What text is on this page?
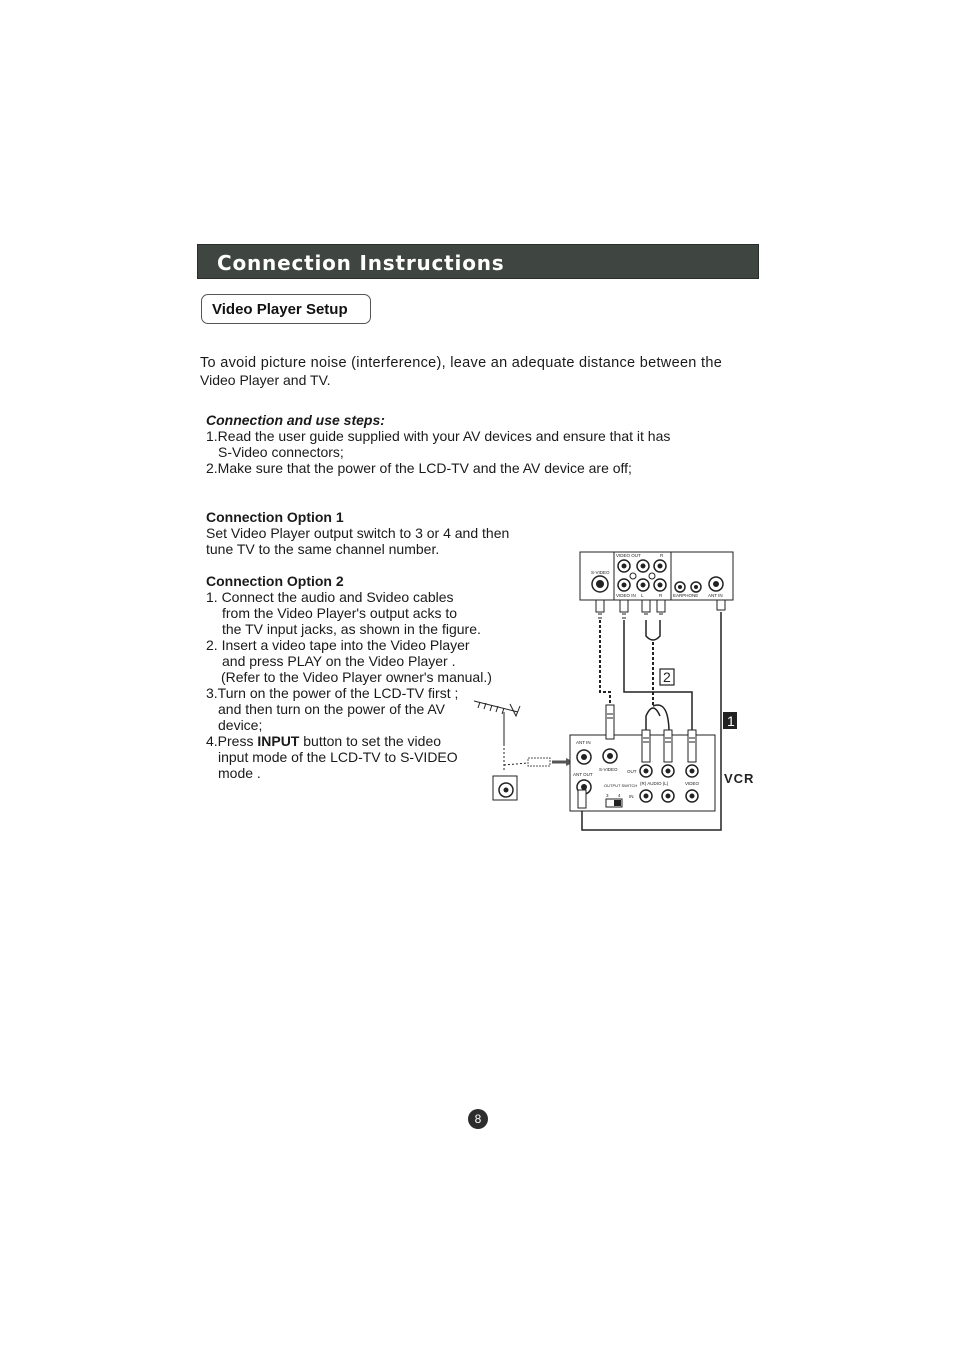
Connection Instructions
Video Player Setup
To avoid picture noise (interference), leave an adequate distance between the
Video Player and TV.
Connection and use steps:
1.Read the user guide supplied with your AV devices and ensure that it has
S-Video connectors;
2.Make sure that the power of the LCD-TV and the AV device are off;
Connection Option 1
Set Video Player output switch to 3 or 4 and then
tune TV to the same channel number.
Connection Option 2
1. Connect the audio and Svideo cables
from the Video Player's output acks to
the TV input jacks, as shown in the figure.
2. Insert a video tape into the Video Player
and press PLAY on the Video Player .
(Refer to the Video Player owner's manual.)
3.Turn on the power of the LCD-TV first ;
and then turn on the power of the AV
device;
4.Press INPUT button to set the video
input mode of the LCD-TV to S-VIDEO
mode .
S-VIDEO
VIDEO OUT	R
VIDEO IN L	R EARPHONE ANT IN
2
1
ANT IN
ANT OUT
S-VIDEO OUT
(R) AUDIO (L)	VIDEO
OUTPUT SWITCH
3 4 IN
VCR
8
